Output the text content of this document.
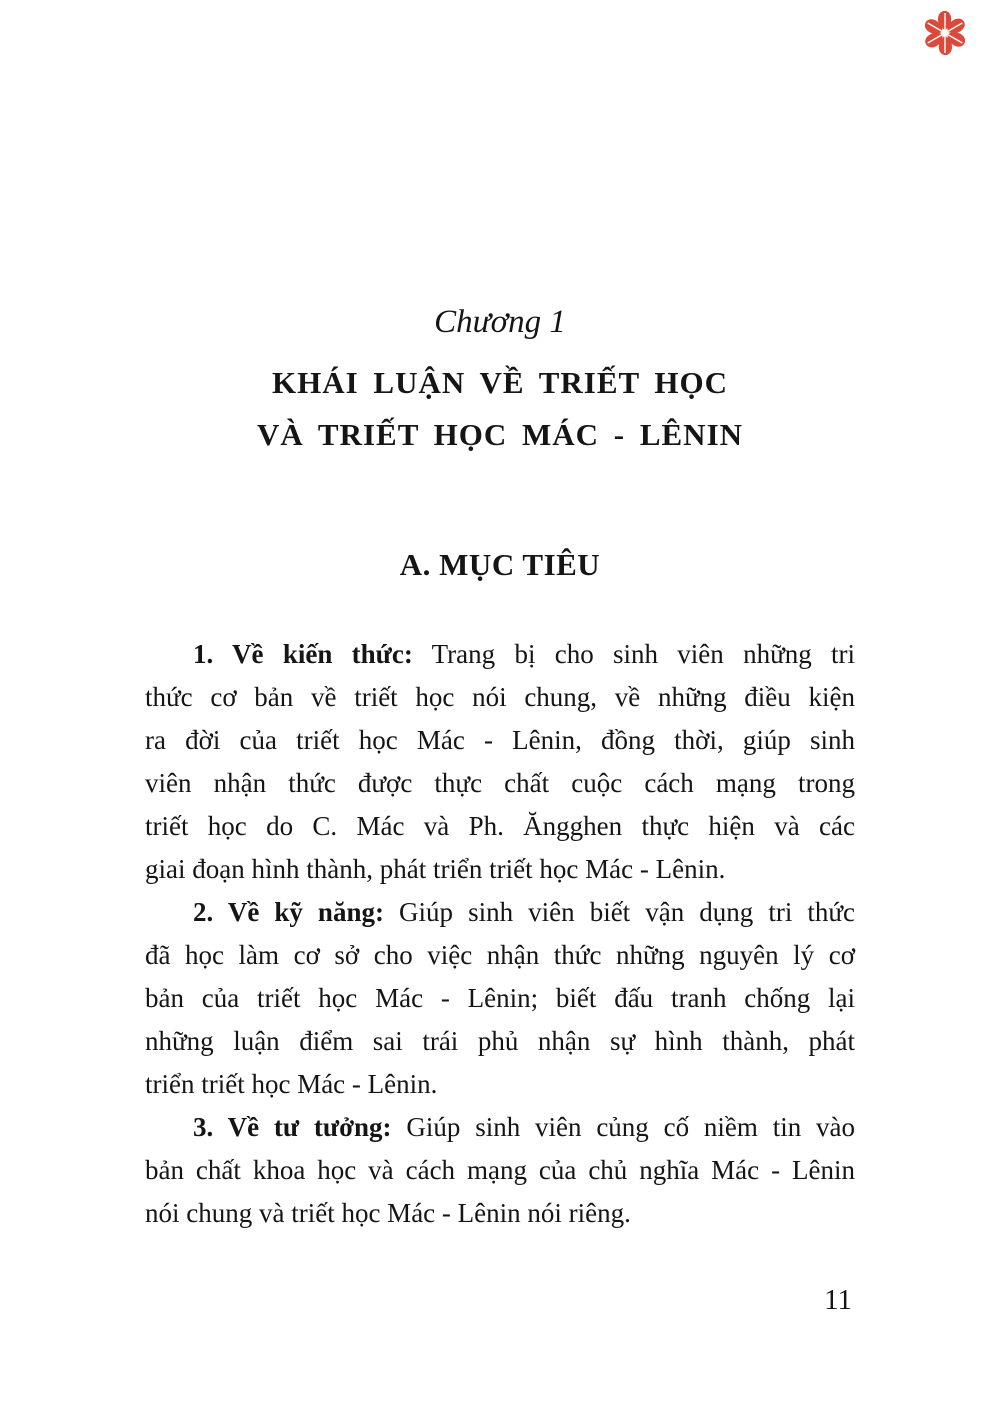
Chương 1
KHÁI LUẬN VỀ TRIẾT HỌC
VÀ TRIẾT HỌC MÁC - LÊNIN
A. MỤC TIÊU
1. Về kiến thức: Trang bị cho sinh viên những tri
thức cơ bản về triết học nói chung, về những điều kiện
ra đời của triết học Mác - Lênin, đồng thời, giúp sinh
viên nhận thức được thực chất cuộc cách mạng trong
triết học do C. Mác và Ph. Ăngghen thực hiện và các
giai đoạn hình thành, phát triển triết học Mác - Lênin.
2. Về kỹ năng: Giúp sinh viên biết vận dụng tri thức
đã học làm cơ sở cho việc nhận thức những nguyên lý cơ
bản của triết học Mác - Lênin; biết đấu tranh chống lại
những luận điểm sai trái phủ nhận sự hình thành, phát
triển triết học Mác - Lênin.
3. Về tư tưởng: Giúp sinh viên củng cố niềm tin vào
bản chất khoa học và cách mạng của chủ nghĩa Mác - Lênin
nói chung và triết học Mác - Lênin nói riêng.
11
